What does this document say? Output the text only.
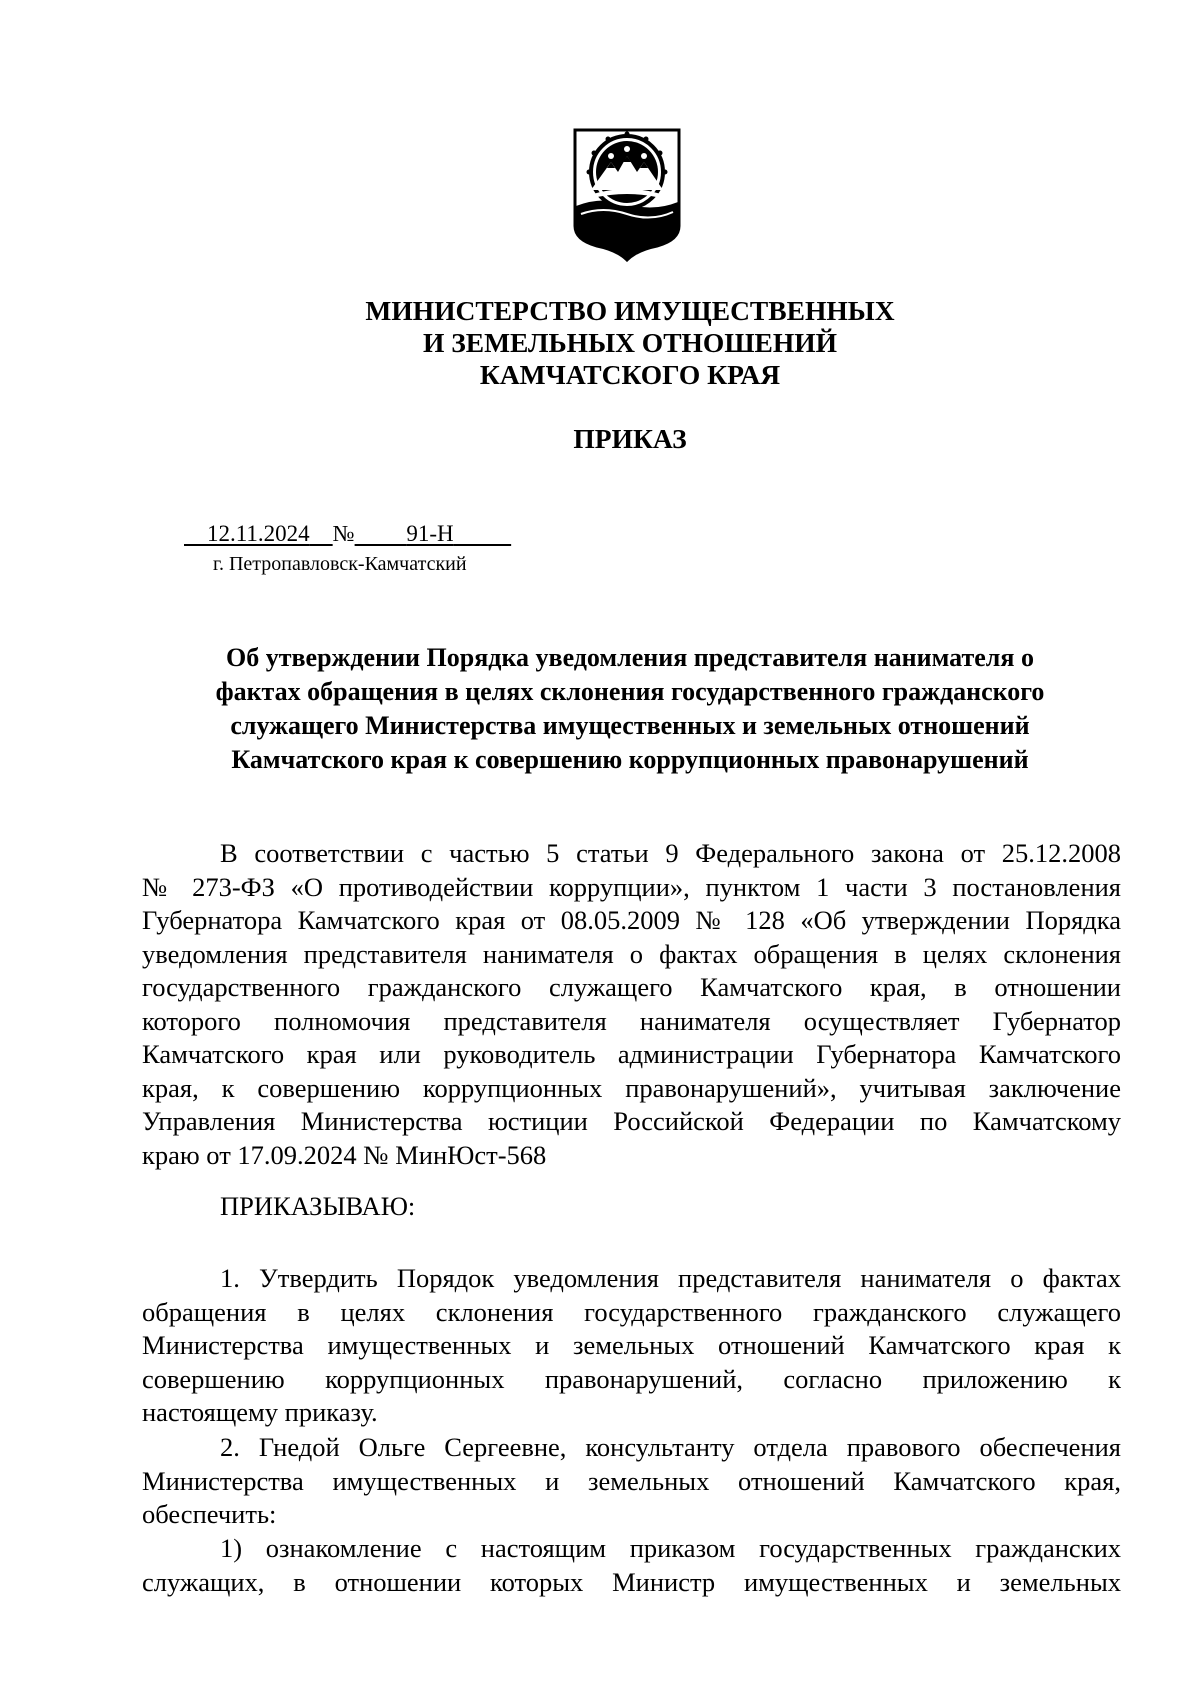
МИНИСТЕРСТВО ИМУЩЕСТВЕННЫХ
И ЗЕМЕЛЬНЫХ ОТНОШЕНИЙ
КАМЧАТСКОГО КРАЯ
ПРИКАЗ
12.11.2024 № 91-Н
г. Петропавловск-Камчатский
Об утверждении Порядка уведомления представителя нанимателя о
фактах обращения в целях склонения государственного гражданского
служащего Министерства имущественных и земельных отношений
Камчатского края к совершению коррупционных правонарушений
В соответствии с частью 5 статьи 9 Федерального закона от 25.12.2008
№ 273-ФЗ «О противодействии коррупции», пунктом 1 части 3 постановления
Губернатора Камчатского края от 08.05.2009 № 128 «Об утверждении Порядка
уведомления представителя нанимателя о фактах обращения в целях склонения
государственного гражданского служащего Камчатского края, в отношении
которого полномочия представителя нанимателя осуществляет Губернатор
Камчатского края или руководитель администрации Губернатора Камчатского
края, к совершению коррупционных правонарушений», учитывая заключение
Управления Министерства юстиции Российской Федерации по Камчатскому
краю от 17.09.2024 № МинЮст-568
ПРИКАЗЫВАЮ:
1. Утвердить Порядок уведомления представителя нанимателя о фактах
обращения в целях склонения государственного гражданского служащего
Министерства имущественных и земельных отношений Камчатского края к
совершению коррупционных правонарушений, согласно приложению к
настоящему приказу.
2. Гнедой Ольге Сергеевне, консультанту отдела правового обеспечения
Министерства имущественных и земельных отношений Камчатского края,
обеспечить:
1) ознакомление с настоящим приказом государственных гражданских
служащих, в отношении которых Министр имущественных и земельных
